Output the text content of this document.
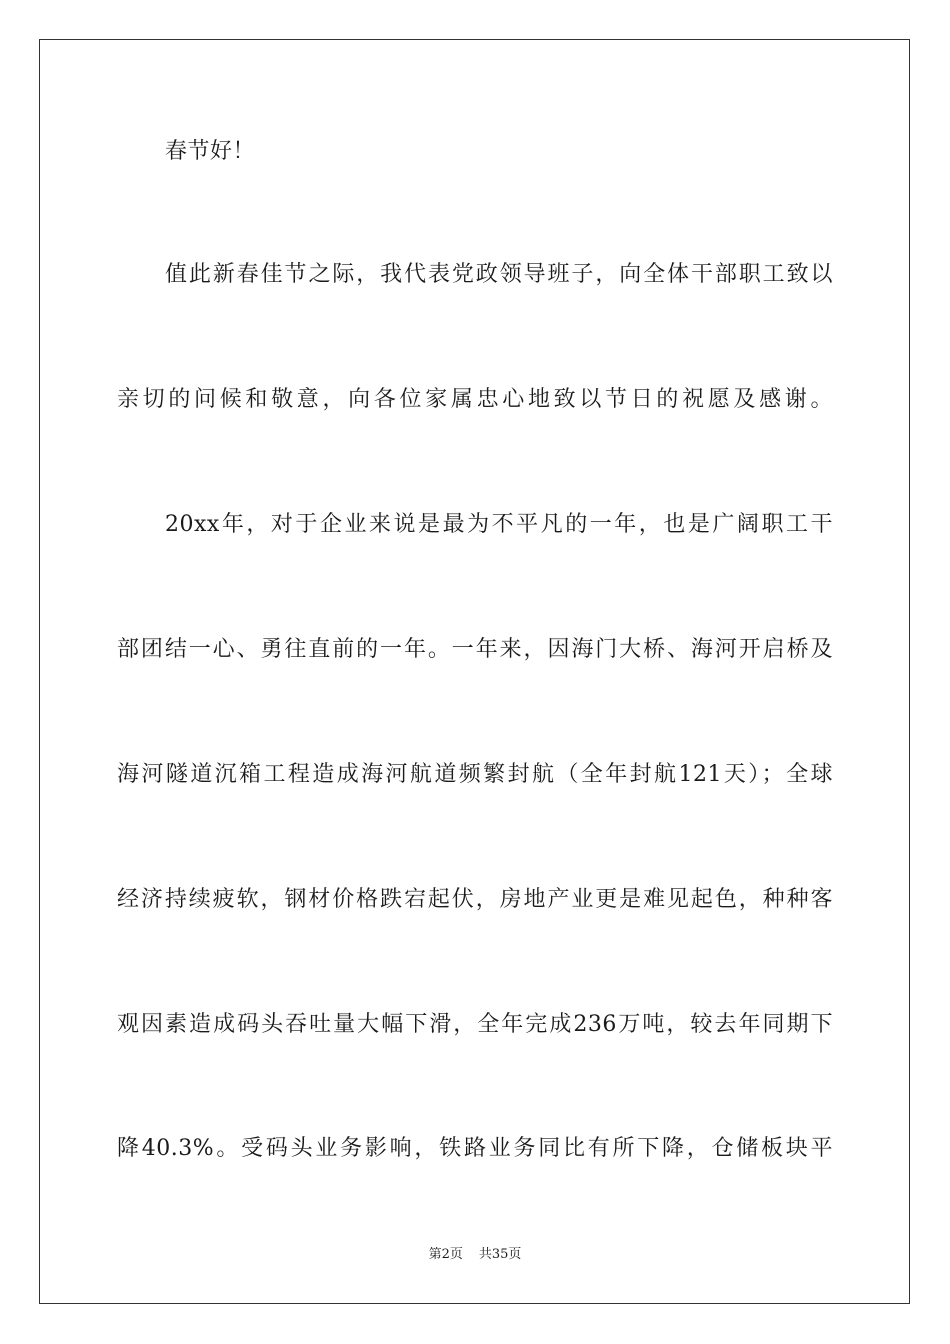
春节好！
值此新春佳节之际，我代表党政领导班子，向全体干部职工致以
亲切的问候和敬意，向各位家属忠心地致以节日的祝愿及感谢。
20xx年，对于企业来说是最为不平凡的一年，也是广阔职工干
部团结一心、勇往直前的一年。一年来，因海门大桥、海河开启桥及
海河隧道沉箱工程造成海河航道频繁封航（全年封航121天）；全球
经济持续疲软，钢材价格跌宕起伏，房地产业更是难见起色，种种客
观因素造成码头吞吐量大幅下滑，全年完成236万吨，较去年同期下
降40.3%。受码头业务影响，铁路业务同比有所下降，仓储板块平
第2页 共35页
